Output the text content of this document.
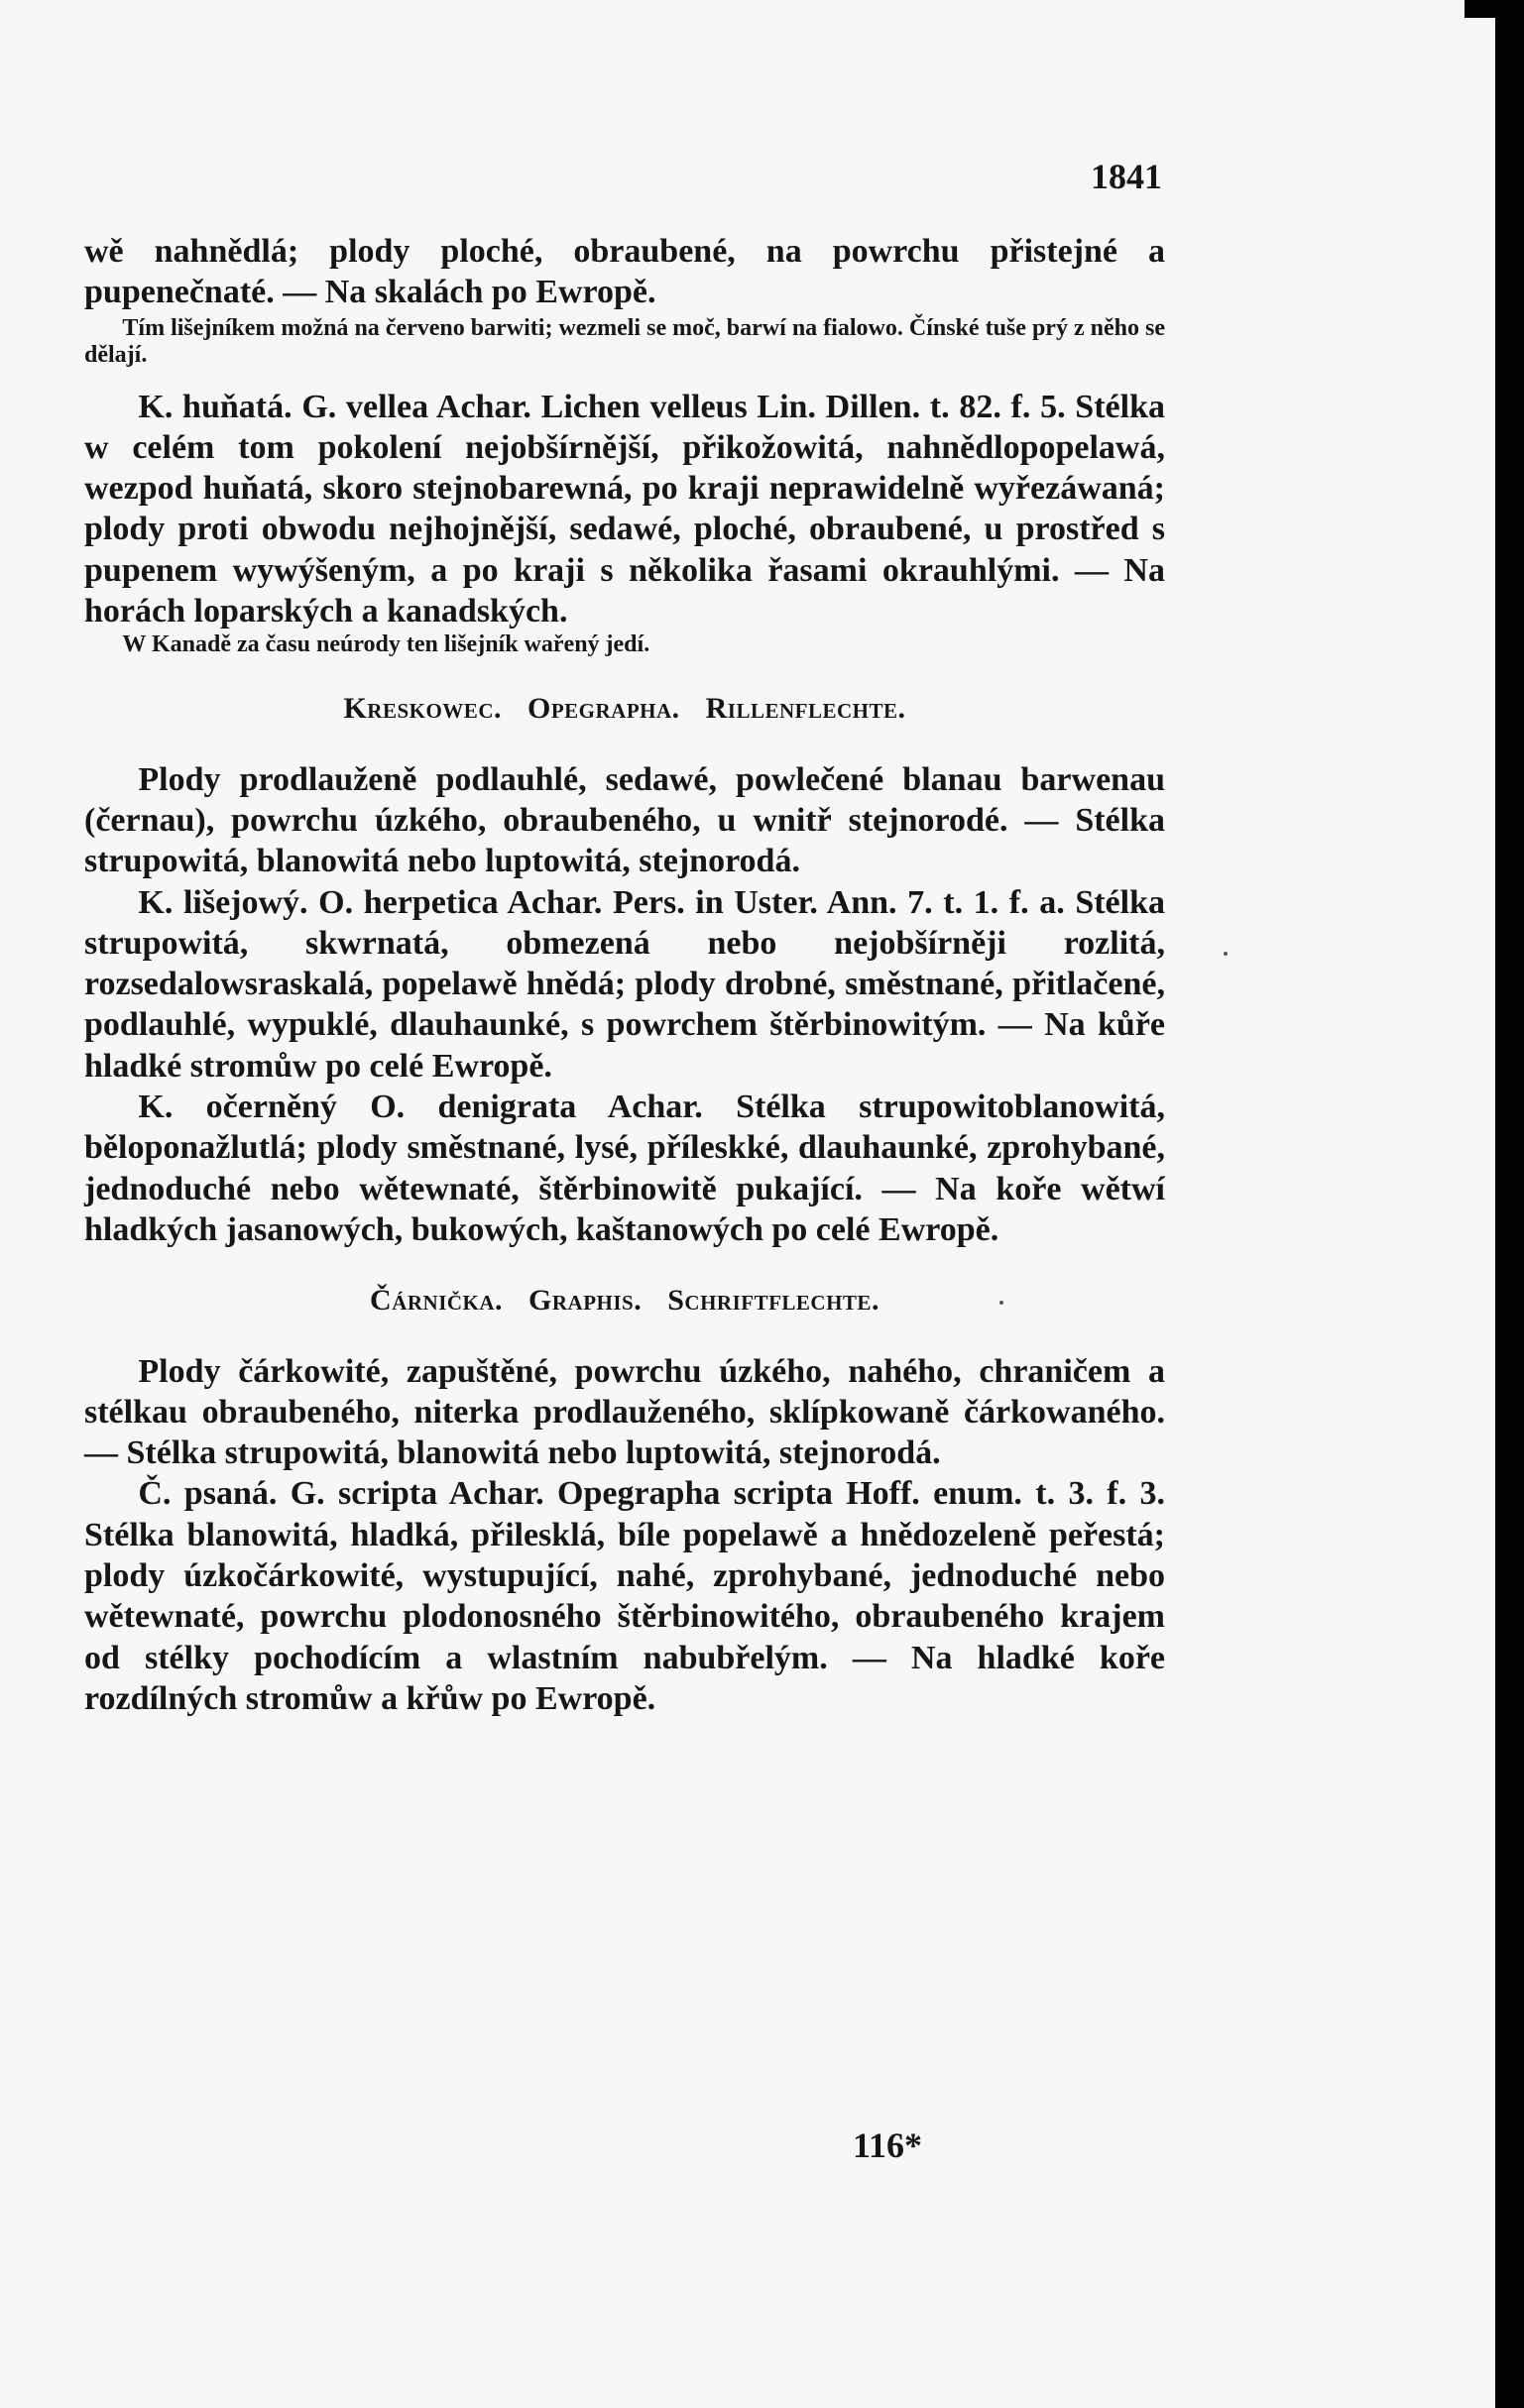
1841

wě nahnědlá; plody ploché, obraubené, na powrchu přistejné a pupenečnaté. — Na skalách po Ewropě.

Tím lišejníkem možná na červeno barwiti; wezmeli se moč, barwí na fialowo. Čínské tuše prý z něho se dělají.

K. huňatá. G. vellea Achar. Lichen velleus Lin. Dillen. t. 82. f. 5. Stélka w celém tom pokolení nejobšírnější, přikožowitá, nahnědlopopelawá, wezpod huňatá, skoro stejnobarewná, po kraji neprawidelně wyřezáwaná; plody proti obwodu nejhojnější, sedawé, ploché, obraubené, u prostřed s pupenem wywýšeným, a po kraji s několika řasami okrauhlými. — Na horách loparských a kanadských.

W Kanadě za času neúrody ten lišejník wařený jedí.

Kreskowec. Opegrapha. Rillenflechte.

Plody prodlauženě podlauhlé, sedawé, powlečené blanau barwenau (černau), powrchu úzkého, obraubeného, u wnitř stejnorodé. — Stélka strupowitá, blanowitá nebo luptowitá, stejnorodá.

K. lišejowý. O. herpetica Achar. Pers. in Uster. Ann. 7. t. 1. f. a. Stélka strupowitá, skwrnatá, obmezená nebo nejobšírněji rozlitá, rozsedalowsraskalá, popelawě hnědá; plody drobné, směstnané, přitlačené, podlauhlé, wypuklé, dlauhaunké, s powrchem štěrbinowitým. — Na kůře hladké stromůw po celé Ewropě.

K. očerněný O. denigrata Achar. Stélka strupowitoblanowitá, běloponažlutlá; plody směstnané, lysé, příleskké, dlauhaunké, zprohybané, jednoduché nebo wětewnaté, štěrbinowitě pukající. — Na koře wětwí hladkých jasanowých, bukowých, kaštanowých po celé Ewropě.

Čárnička. Graphis. Schriftflechte.

Plody čárkowité, zapuštěné, powrchu úzkého, nahého, chraničem a stélkau obraubeného, niterka prodlauženého, sklípkowaně čárkowaného. — Stélka strupowitá, blanowitá nebo luptowitá, stejnorodá.

Č. psaná. G. scripta Achar. Opegrapha scripta Hoff. enum. t. 3. f. 3. Stélka blanowitá, hladká, přilesklá, bíle popelawě a hnědozeleně peřestá; plody úzkočárkowité, wystupující, nahé, zprohybané, jednoduché nebo wětewnaté, powrchu plodonosného štěrbinowitého, obraubeného krajem od stélky pochodícím a wlastním nabubřelým. — Na hladké koře rozdílných stromůw a křůw po Ewropě.

116*
